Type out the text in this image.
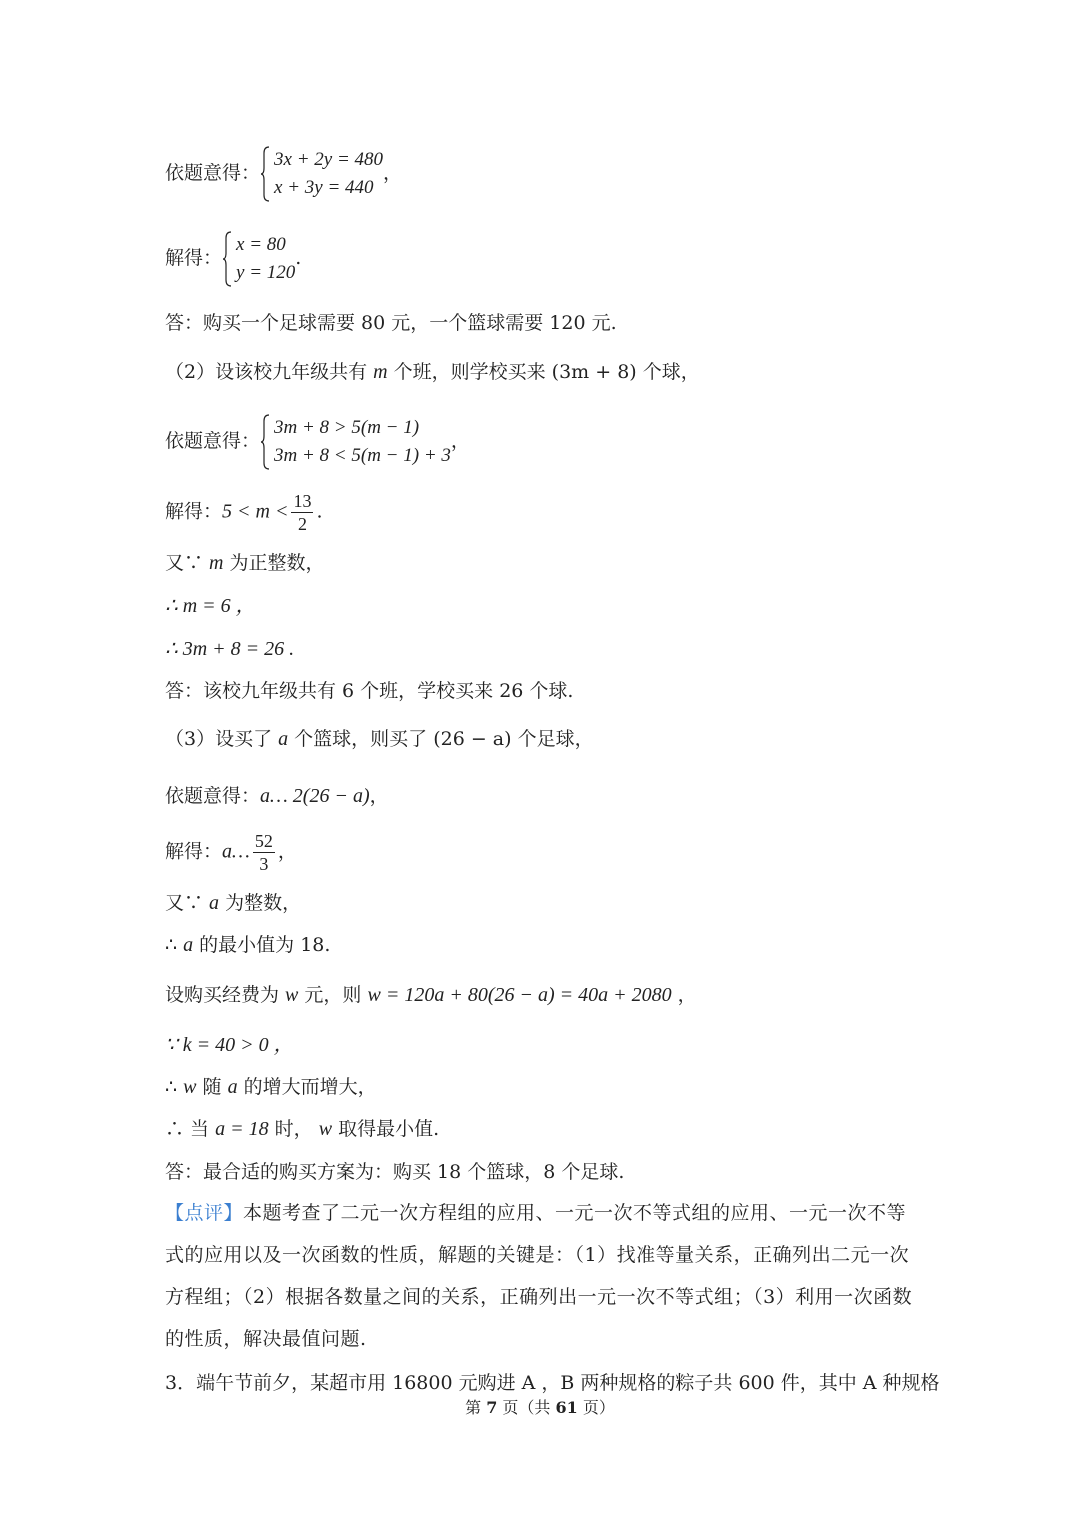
依题意得：
3x + 2y = 480
x + 3y = 440
，
解得：
x = 80
y = 120
.
答：购买一个足球需要 80 元，一个篮球需要 120 元.
（2）设该校九年级共有 m 个班，则学校买来 (3m + 8) 个球，
依题意得：
3m + 8 > 5(m − 1)
3m + 8 < 5(m − 1) + 3
，
解得：$5 < m < \frac{13}{2}$ .
又∵ m 为正整数，
∴ m = 6 ，
∴ 3m + 8 = 26 .
答：该校九年级共有 6 个班，学校买来 26 个球.
（3）设买了 a 个篮球，则买了 (26 − a) 个足球，
依题意得：a… 2(26 − a)，
解得：a… $\frac{52}{3}$ ，
又∵ a 为整数，
∴ a 的最小值为 18.
设购买经费为 w 元，则 w = 120a + 80(26 − a) = 40a + 2080 ，
∵ k = 40 > 0 ，
∴ w 随 a 的增大而增大，
∴ 当 a = 18 时， w 取得最小值.
答：最合适的购买方案为：购买 18 个篮球，8 个足球.
【点评】本题考查了二元一次方程组的应用、一元一次不等式组的应用、一元一次不等式的应用以及一次函数的性质，解题的关键是：（1）找准等量关系，正确列出二元一次方程组；（2）根据各数量之间的关系，正确列出一元一次不等式组；（3）利用一次函数的性质，解决最值问题.
3．端午节前夕，某超市用 16800 元购进 A ，B 两种规格的粽子共 600 件，其中 A 种规格
第 7 页（共 61 页）
